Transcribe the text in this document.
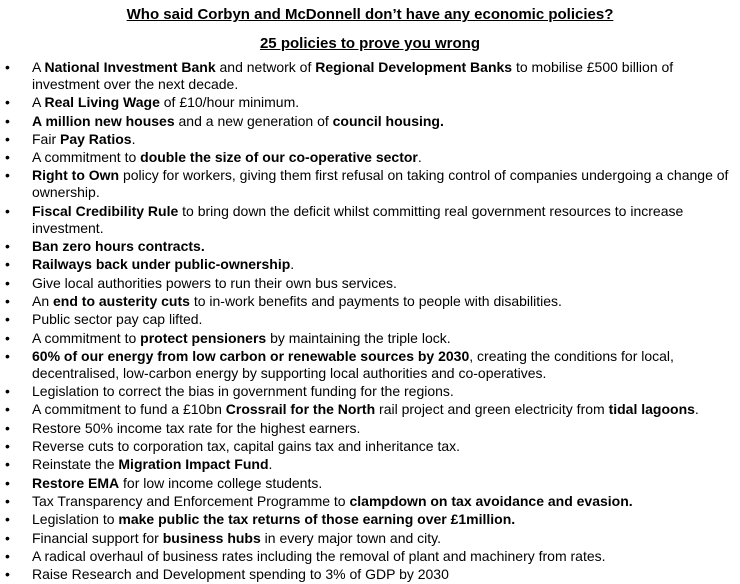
Who said Corbyn and McDonnell don’t have any economic policies?

25 policies to prove you wrong

• A National Investment Bank and network of Regional Development Banks to mobilise £500 billion of investment over the next decade.
• A Real Living Wage of £10/hour minimum.
• A million new houses and a new generation of council housing.
• Fair Pay Ratios.
• A commitment to double the size of our co-operative sector.
• Right to Own policy for workers, giving them first refusal on taking control of companies undergoing a change of ownership.
• Fiscal Credibility Rule to bring down the deficit whilst committing real government resources to increase investment.
• Ban zero hours contracts.
• Railways back under public-ownership.
• Give local authorities powers to run their own bus services.
• An end to austerity cuts to in-work benefits and payments to people with disabilities.
• Public sector pay cap lifted.
• A commitment to protect pensioners by maintaining the triple lock.
• 60% of our energy from low carbon or renewable sources by 2030, creating the conditions for local, decentralised, low-carbon energy by supporting local authorities and co-operatives.
• Legislation to correct the bias in government funding for the regions.
• A commitment to fund a £10bn Crossrail for the North rail project and green electricity from tidal lagoons.
• Restore 50% income tax rate for the highest earners.
• Reverse cuts to corporation tax, capital gains tax and inheritance tax.
• Reinstate the Migration Impact Fund.
• Restore EMA for low income college students.
• Tax Transparency and Enforcement Programme to clampdown on tax avoidance and evasion.
• Legislation to make public the tax returns of those earning over £1million.
• Financial support for business hubs in every major town and city.
• A radical overhaul of business rates including the removal of plant and machinery from rates.
• Raise Research and Development spending to 3% of GDP by 2030
